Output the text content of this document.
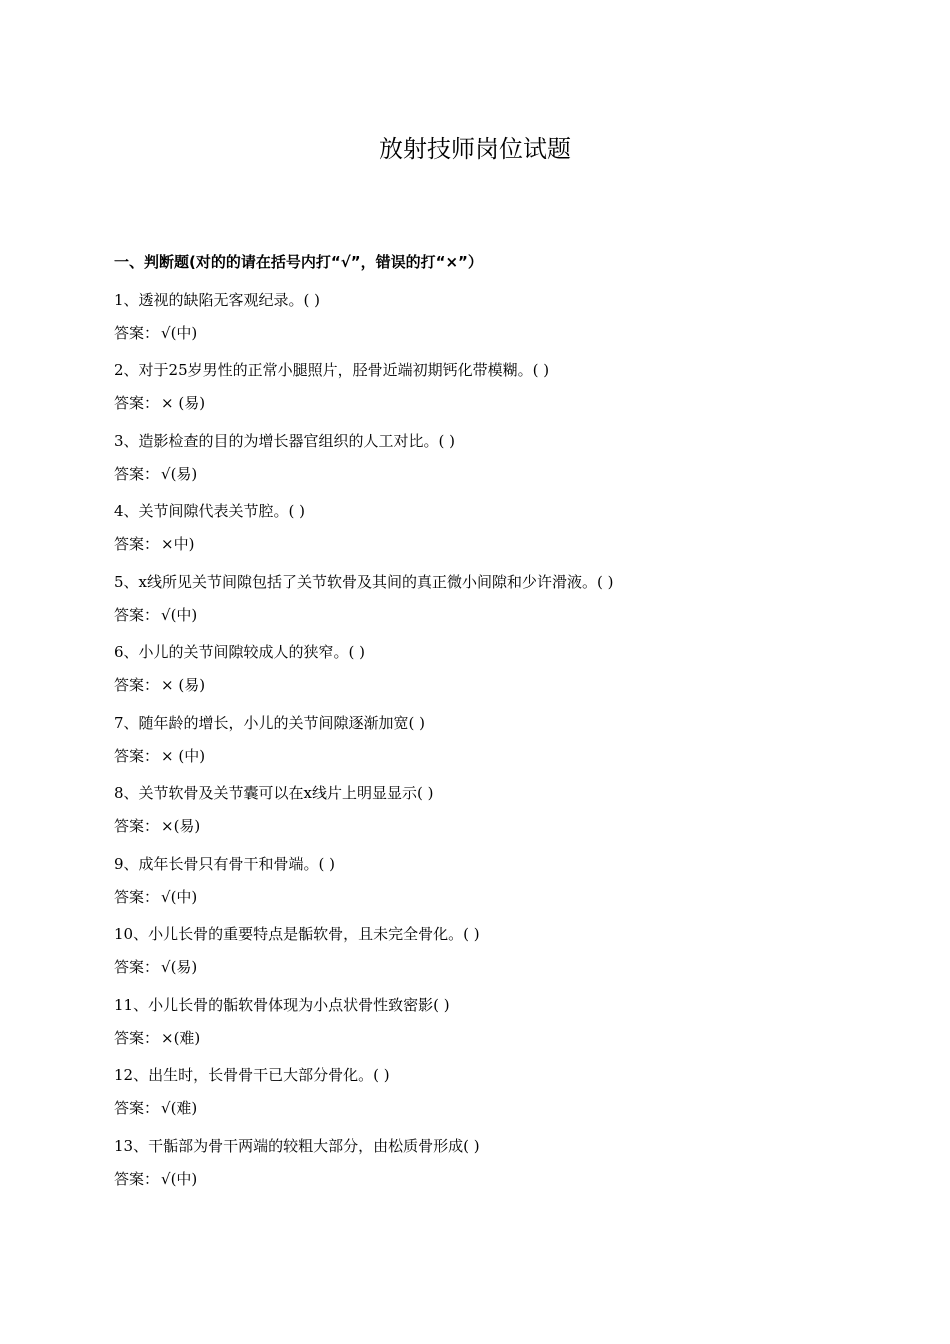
放射技师岗位试题
一、判断题(对的的请在括号内打“√”，错误的打“×”）
1、透视的缺陷无客观纪录。( )
答案： √(中)
2、对于25岁男性的正常小腿照片，胫骨近端初期钙化带模糊。( )
答案： × (易)
3、造影检查的目的为增长器官组织的人工对比。( )
答案： √(易)
4、关节间隙代表关节腔。( )
答案： ×中)
5、x线所见关节间隙包括了关节软骨及其间的真正微小间隙和少许滑液。( )
答案： √(中)
6、小儿的关节间隙较成人的狭窄。( )
答案： × (易)
7、随年龄的增长，小儿的关节间隙逐渐加宽( )
答案： × (中)
8、关节软骨及关节囊可以在x线片上明显显示( )
答案： ×(易)
9、成年长骨只有骨干和骨端。( )
答案： √(中)
10、小儿长骨的重要特点是骺软骨，且未完全骨化。( )
答案： √(易)
11、小儿长骨的骺软骨体现为小点状骨性致密影( )
答案： ×(难)
12、出生时，长骨骨干已大部分骨化。( )
答案： √(难)
13、干骺部为骨干两端的较粗大部分，由松质骨形成( )
答案： √(中)
